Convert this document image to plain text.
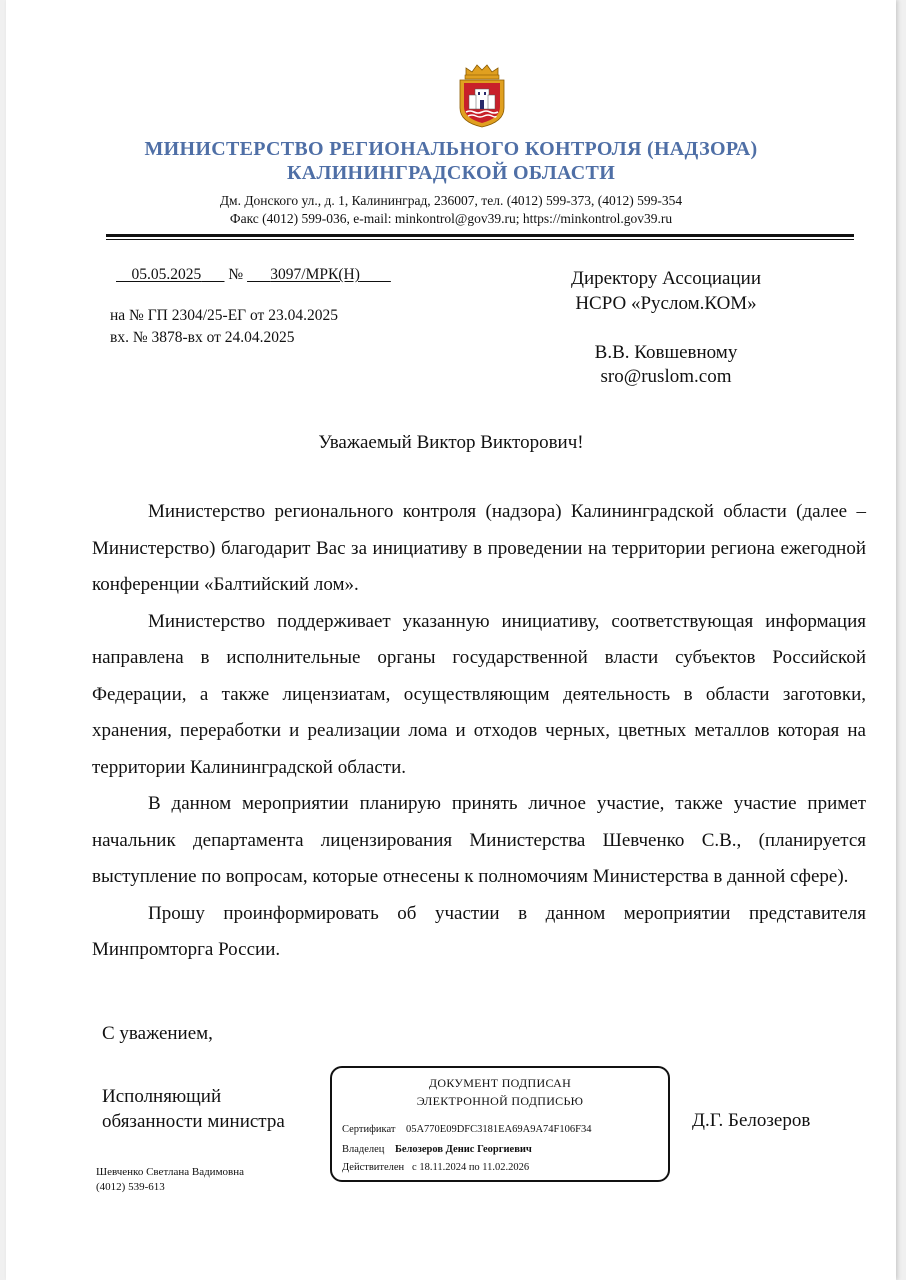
МИНИСТЕРСТВО РЕГИОНАЛЬНОГО КОНТРОЛЯ (НАДЗОРА)
КАЛИНИНГРАДСКОЙ ОБЛАСТИ
Дм. Донского ул., д. 1, Калининград, 236007, тел. (4012) 599-373, (4012) 599-354
Факс (4012) 599-036, e-mail: minkontrol@gov39.ru; https://minkontrol.gov39.ru
05.05.2025 № 3097/МРК(Н)
на № ГП 2304/25-ЕГ от 23.04.2025
вх. № 3878-вх от 24.04.2025
Директору Ассоциации
НСРО «Руслом.КОМ»
В.В. Ковшевному
sro@ruslom.com
Уважаемый Виктор Викторович!

Министерство регионального контроля (надзора) Калининградской области (далее – Министерство) благодарит Вас за инициативу в проведении на территории региона ежегодной конференции «Балтийский лом».

Министерство поддерживает указанную инициативу, соответствующая информация направлена в исполнительные органы государственной власти субъектов Российской Федерации, а также лицензиатам, осуществляющим деятельность в области заготовки, хранения, переработки и реализации лома и отходов черных, цветных металлов которая на территории Калининградской области.

В данном мероприятии планирую принять личное участие, также участие примет начальник департамента лицензирования Министерства Шевченко С.В., (планируется выступление по вопросам, которые отнесены к полномочиям Министерства в данной сфере).

Прошу проинформировать об участии в данном мероприятии представителя Минпромторга России.

С уважением,
Исполняющий
обязанности министра
ДОКУМЕНТ ПОДПИСАН
ЭЛЕКТРОННОЙ ПОДПИСЬЮ
Сертификат 05A770E09DFC3181EA69A9A74F106F34
Владелец Белозеров Денис Георгиевич
Действителен с 18.11.2024 по 11.02.2026
Д.Г. Белозеров
Шевченко Светлана Вадимовна
(4012) 539-613
